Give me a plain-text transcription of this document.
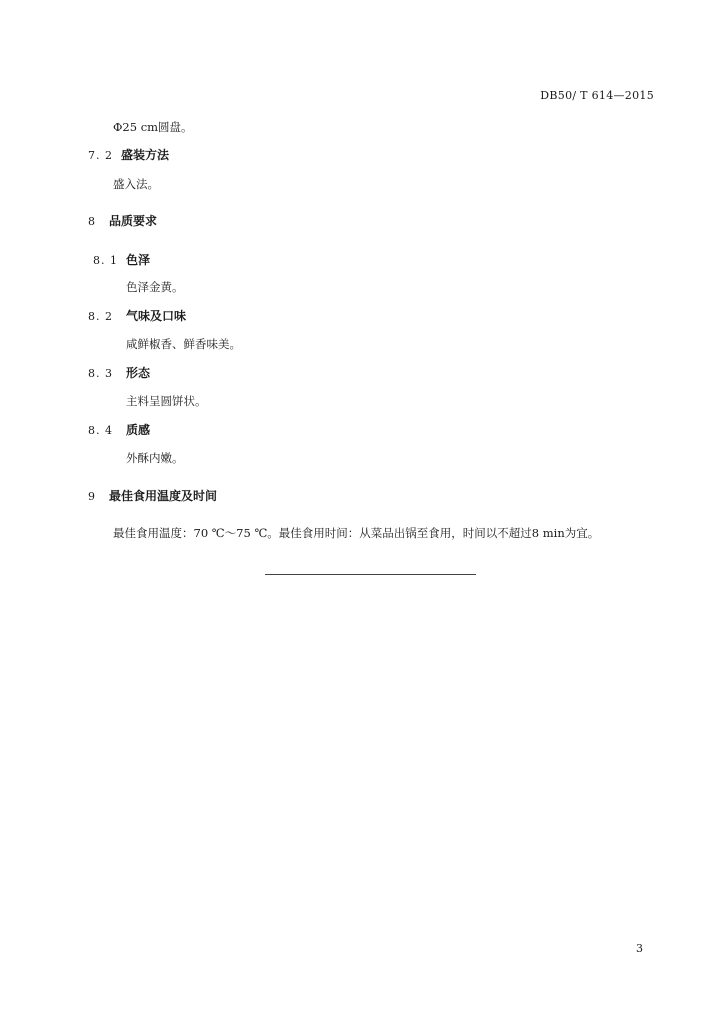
DB50/ T 614—2015
Φ25 cm圆盘。
7. 2 盛装方法
盛入法。
8 品质要求
8. 1 色泽
色泽金黄。
8. 2 气味及口味
咸鲜椒香、鲜香味美。
8. 3 形态
主料呈圆饼状。
8. 4 质感
外酥内嫩。
9 最佳食用温度及时间
最佳食用温度：70 ℃～75 ℃。最佳食用时间：从菜品出锅至食用，时间以不超过8 min为宜。
3
